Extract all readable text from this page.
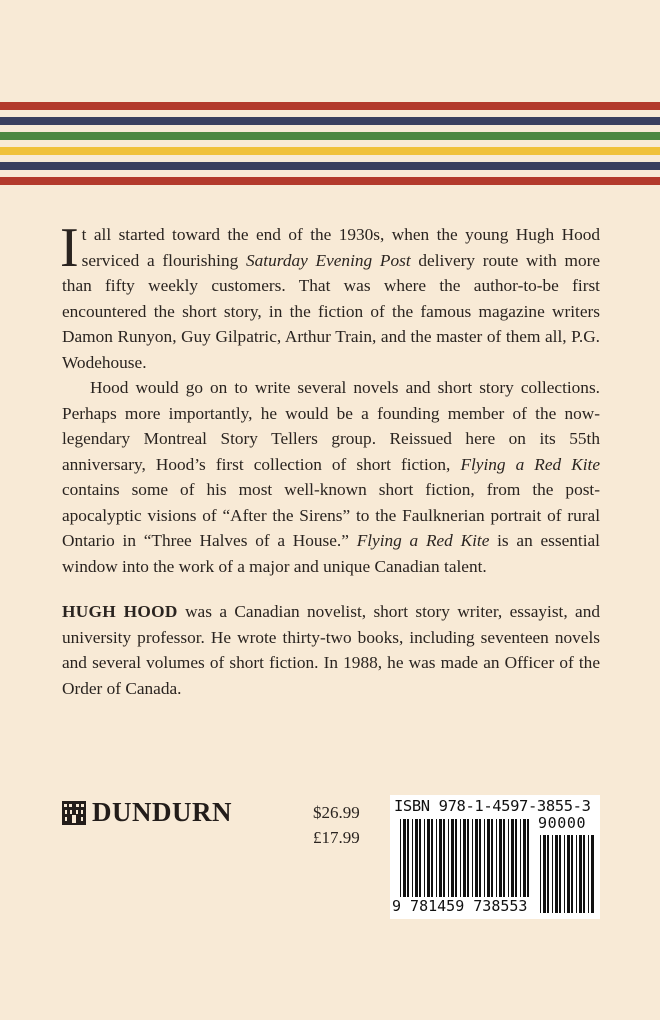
It all started toward the end of the 1930s, when the young Hugh Hood serviced a flourishing Saturday Evening Post delivery route with more than fifty weekly customers. That was where the author-to-be first encountered the short story, in the fiction of the famous magazine writers Damon Runyon, Guy Gilpatric, Arthur Train, and the master of them all, P.G. Wodehouse.

Hood would go on to write several novels and short story collections. Perhaps more importantly, he would be a founding member of the now-legendary Montreal Story Tellers group. Reissued here on its 55th anniversary, Hood’s first collection of short fiction, Flying a Red Kite contains some of his most well-known short fiction, from the post-apocalyptic visions of “After the Sirens” to the Faulknerian portrait of rural Ontario in “Three Halves of a House.” Flying a Red Kite is an essential window into the work of a major and unique Canadian talent.

HUGH HOOD was a Canadian novelist, short story writer, essayist, and university professor. He wrote thirty-two books, including seventeen novels and several volumes of short fiction. In 1988, he was made an Officer of the Order of Canada.
DUNDURN	$26.99
£17.99
ISBN 978-1-4597-3855-3
90000
9 781459 738553
